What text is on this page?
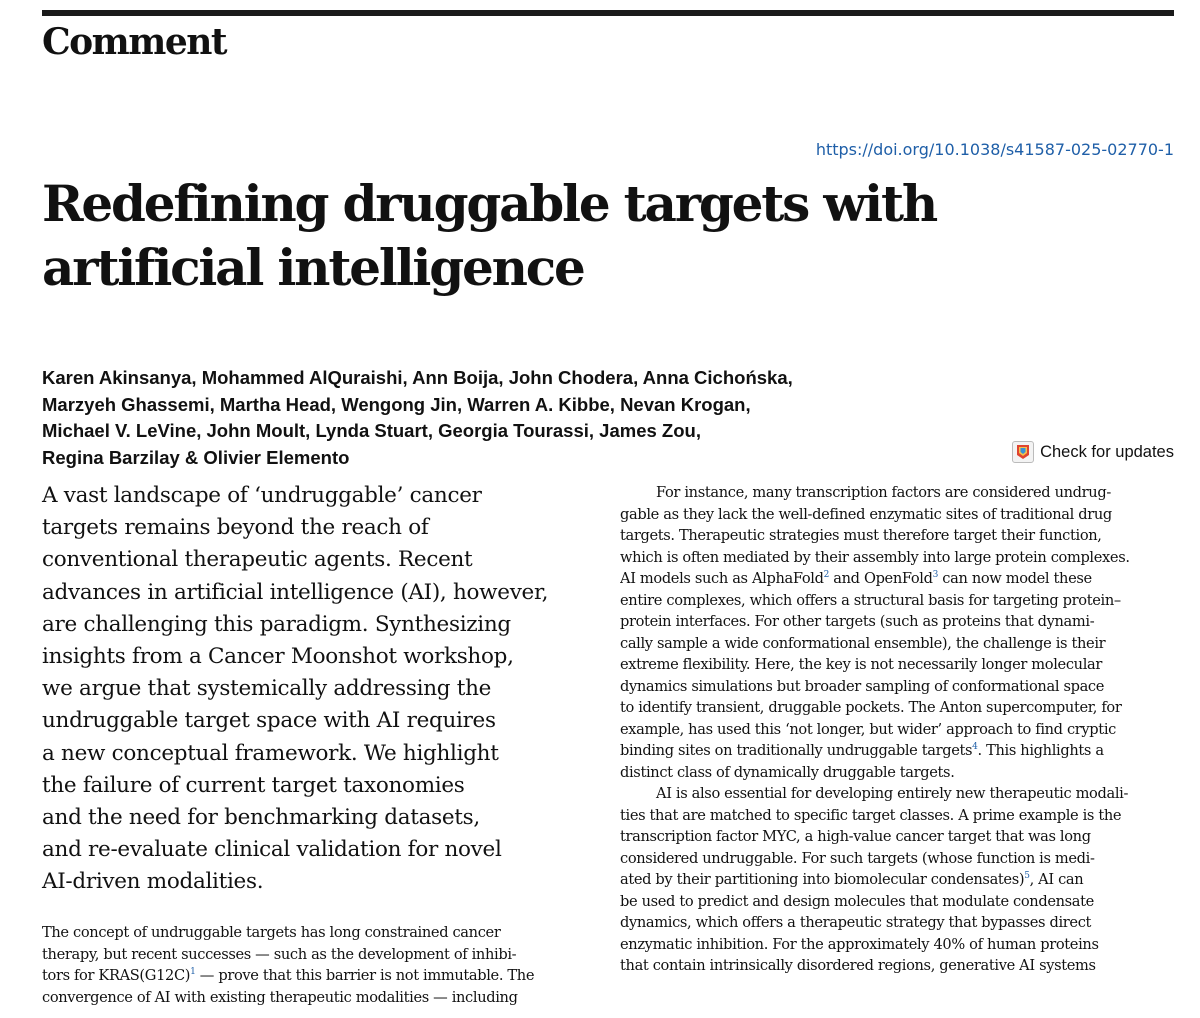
Comment
https://doi.org/10.1038/s41587-025-02770-1
Redefining druggable targets with
artificial intelligence
Karen Akinsanya, Mohammed AlQuraishi, Ann Boija, John Chodera, Anna Cichońska,
Marzyeh Ghassemi, Martha Head, Wengong Jin, Warren A. Kibbe, Nevan Krogan,
Michael V. LeVine, John Moult, Lynda Stuart, Georgia Tourassi, James Zou,
Regina Barzilay & Olivier Elemento	Check for updates
A vast landscape of ‘undruggable’ cancer
targets remains beyond the reach of
conventional therapeutic agents. Recent
advances in artificial intelligence (AI), however,
are challenging this paradigm. Synthesizing
insights from a Cancer Moonshot workshop,
we argue that systemically addressing the
undruggable target space with AI requires
a new conceptual framework. We highlight
the failure of current target taxonomies
and the need for benchmarking datasets,
and re-evaluate clinical validation for novel
AI-driven modalities.
The concept of undruggable targets has long constrained cancer
therapy, but recent successes — such as the development of inhibi-
tors for $KRAS(G12C)^1$ — prove that this barrier is not immutable. The
convergence of AI with existing therapeutic modalities — including
For instance, many transcription factors are considered undrug-
gable as they lack the well-defined enzymatic sites of traditional drug
targets. Therapeutic strategies must therefore target their function,
which is often mediated by their assembly into large protein complexes.
AI models such as AlphaFold$^2$ and OpenFold$^3$ can now model these
entire complexes, which offers a structural basis for targeting protein–
protein interfaces. For other targets (such as proteins that dynami-
cally sample a wide conformational ensemble), the challenge is their
extreme flexibility. Here, the key is not necessarily longer molecular
dynamics simulations but broader sampling of conformational space
to identify transient, druggable pockets. The Anton supercomputer, for
example, has used this ‘not longer, but wider’ approach to find cryptic
binding sites on traditionally undruggable targets$^4$. This highlights a
distinct class of dynamically druggable targets.
AI is also essential for developing entirely new therapeutic modali-
ties that are matched to specific target classes. A prime example is the
transcription factor MYC, a high-value cancer target that was long
considered undruggable. For such targets (whose function is medi-
ated by their partitioning into biomolecular condensates)$^5$, AI can
be used to predict and design molecules that modulate condensate
dynamics, which offers a therapeutic strategy that bypasses direct
enzymatic inhibition. For the approximately 40% of human proteins
that contain intrinsically disordered regions, generative AI systems
